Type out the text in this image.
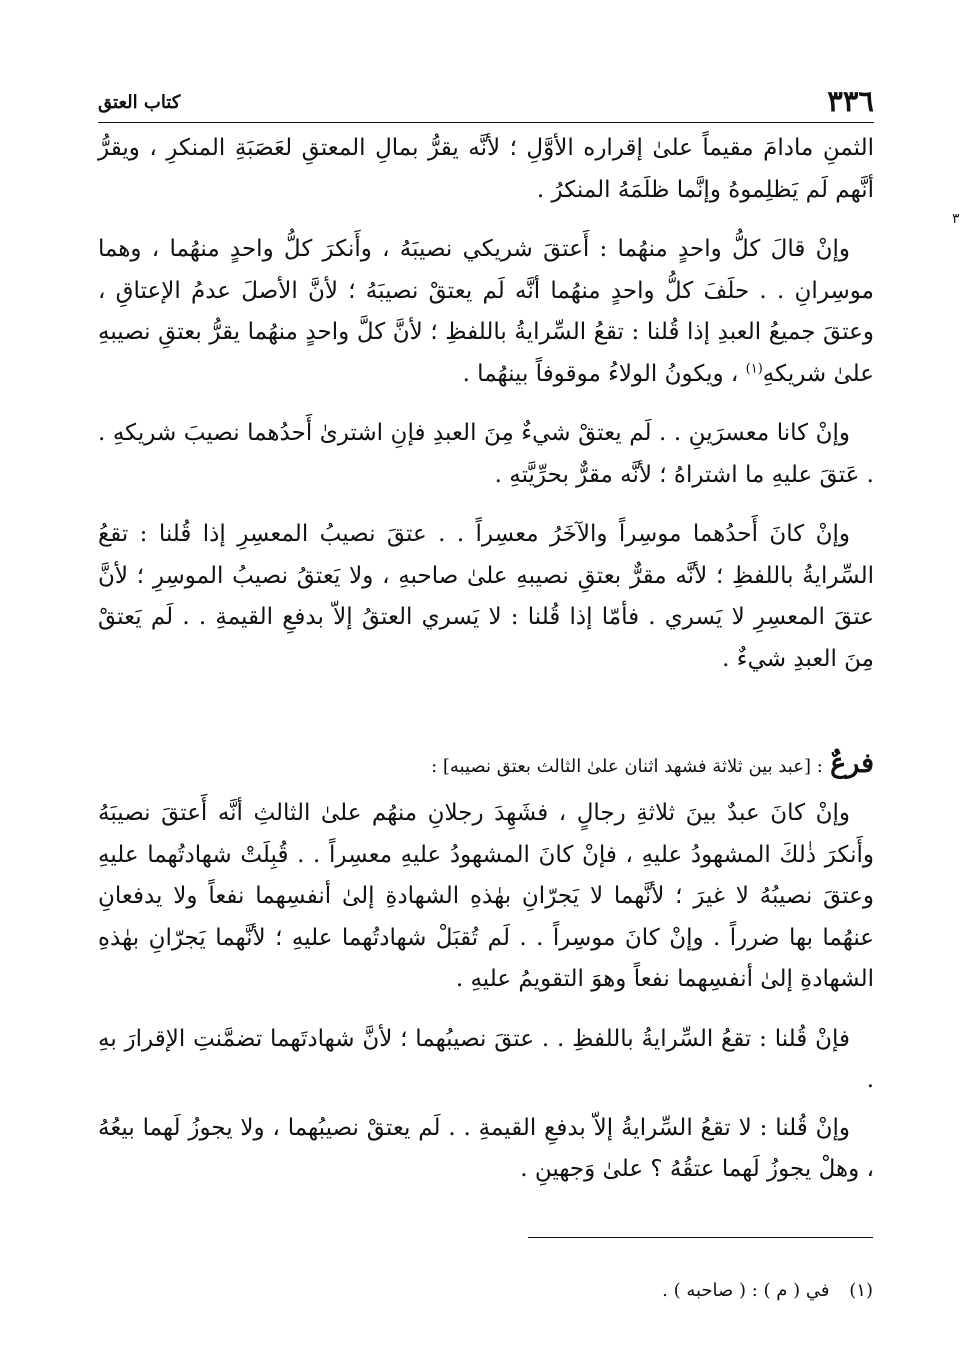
٣٣٦
كتاب العتق
٣

الثمنِ مادامَ مقيماً علىٰ إقراره الأوَّلِ ؛ لأنَّه يقرُّ بمالِ المعتقِ لعَصَبَةِ المنكرِ ، ويقرُّ أنَّهم لَم يَظلِموهُ وإنَّما ظلَمَهُ المنكرُ .

وإنْ قالَ كلُّ واحدٍ منهُما : أَعتقَ شريكي نصيبَهُ ، وأَنكرَ كلُّ واحدٍ منهُما ، وهما موسِرانِ . . حلَفَ كلُّ واحدٍ منهُما أنَّه لَم يعتقْ نصيبَهُ ؛ لأنَّ الأصلَ عدمُ الإعتاقِ ، وعتقَ جميعُ العبدِ إذا قُلنا : تقعُ السِّرايةُ باللفظِ ؛ لأنَّ كلَّ واحدٍ منهُما يقرُّ بعتقِ نصيبهِ علىٰ شريكهِ$^{(١)}$ ، ويكونُ الولاءُ موقوفاً بينهُما .

وإنْ كانا معسرَينِ . . لَم يعتقْ شيءٌ مِنَ العبدِ فإنِ اشترىٰ أَحدُهما نصيبَ شريكهِ . . عَتقَ عليهِ ما اشتراهُ ؛ لأنَّه مقرٌّ بحرِّيَّتهِ .

وإنْ كانَ أَحدُهما موسِراً والآخَرُ معسِراً . . عتقَ نصيبُ المعسِرِ إذا قُلنا : تقعُ السِّرايةُ باللفظِ ؛ لأنَّه مقرٌّ بعتقِ نصيبهِ علىٰ صاحبهِ ، ولا يَعتقُ نصيبُ الموسِرِ ؛ لأنَّ عتقَ المعسِرِ لا يَسري . فأمّا إذا قُلنا : لا يَسري العتقُ إلاّ بدفعِ القيمةِ . . لَم يَعتقْ مِنَ العبدِ شيءٌ .

فرعٌ : [عبد بين ثلاثة فشهد اثنان علىٰ الثالث بعتق نصيبه] :

وإنْ كانَ عبدٌ بينَ ثلاثةِ رجالٍ ، فشَهِدَ رجلانِ منهُم علىٰ الثالثِ أنَّه أَعتقَ نصيبَهُ وأَنكرَ ذٰلكَ المشهودُ عليهِ ، فإنْ كانَ المشهودُ عليهِ معسِراً . . قُبِلَتْ شهادتُهما عليهِ وعتقَ نصيبُهُ لا غيرَ ؛ لأنَّهما لا يَجرّانِ بهٰذهِ الشهادةِ إلىٰ أنفسِهما نفعاً ولا يدفعانِ عنهُما بها ضرراً . وإنْ كانَ موسِراً . . لَم تُقبَلْ شهادتُهما عليهِ ؛ لأنَّهما يَجرّانِ بهٰذهِ الشهادةِ إلىٰ أنفسِهما نفعاً وهوَ التقويمُ عليهِ .

فإنْ قُلنا : تقعُ السِّرايةُ باللفظِ . . عتقَ نصيبُهما ؛ لأنَّ شهادتَهما تضمَّنتِ الإقرارَ بهِ .

وإنْ قُلنا : لا تقعُ السِّرايةُ إلاّ بدفعِ القيمةِ . . لَم يعتقْ نصيبُهما ، ولا يجوزُ لَهما بيعُهُ ، وهلْ يجوزُ لَهما عتقُهُ ؟ علىٰ وَجهينِ .

(١) في ( م ) : ( صاحبه ) .
